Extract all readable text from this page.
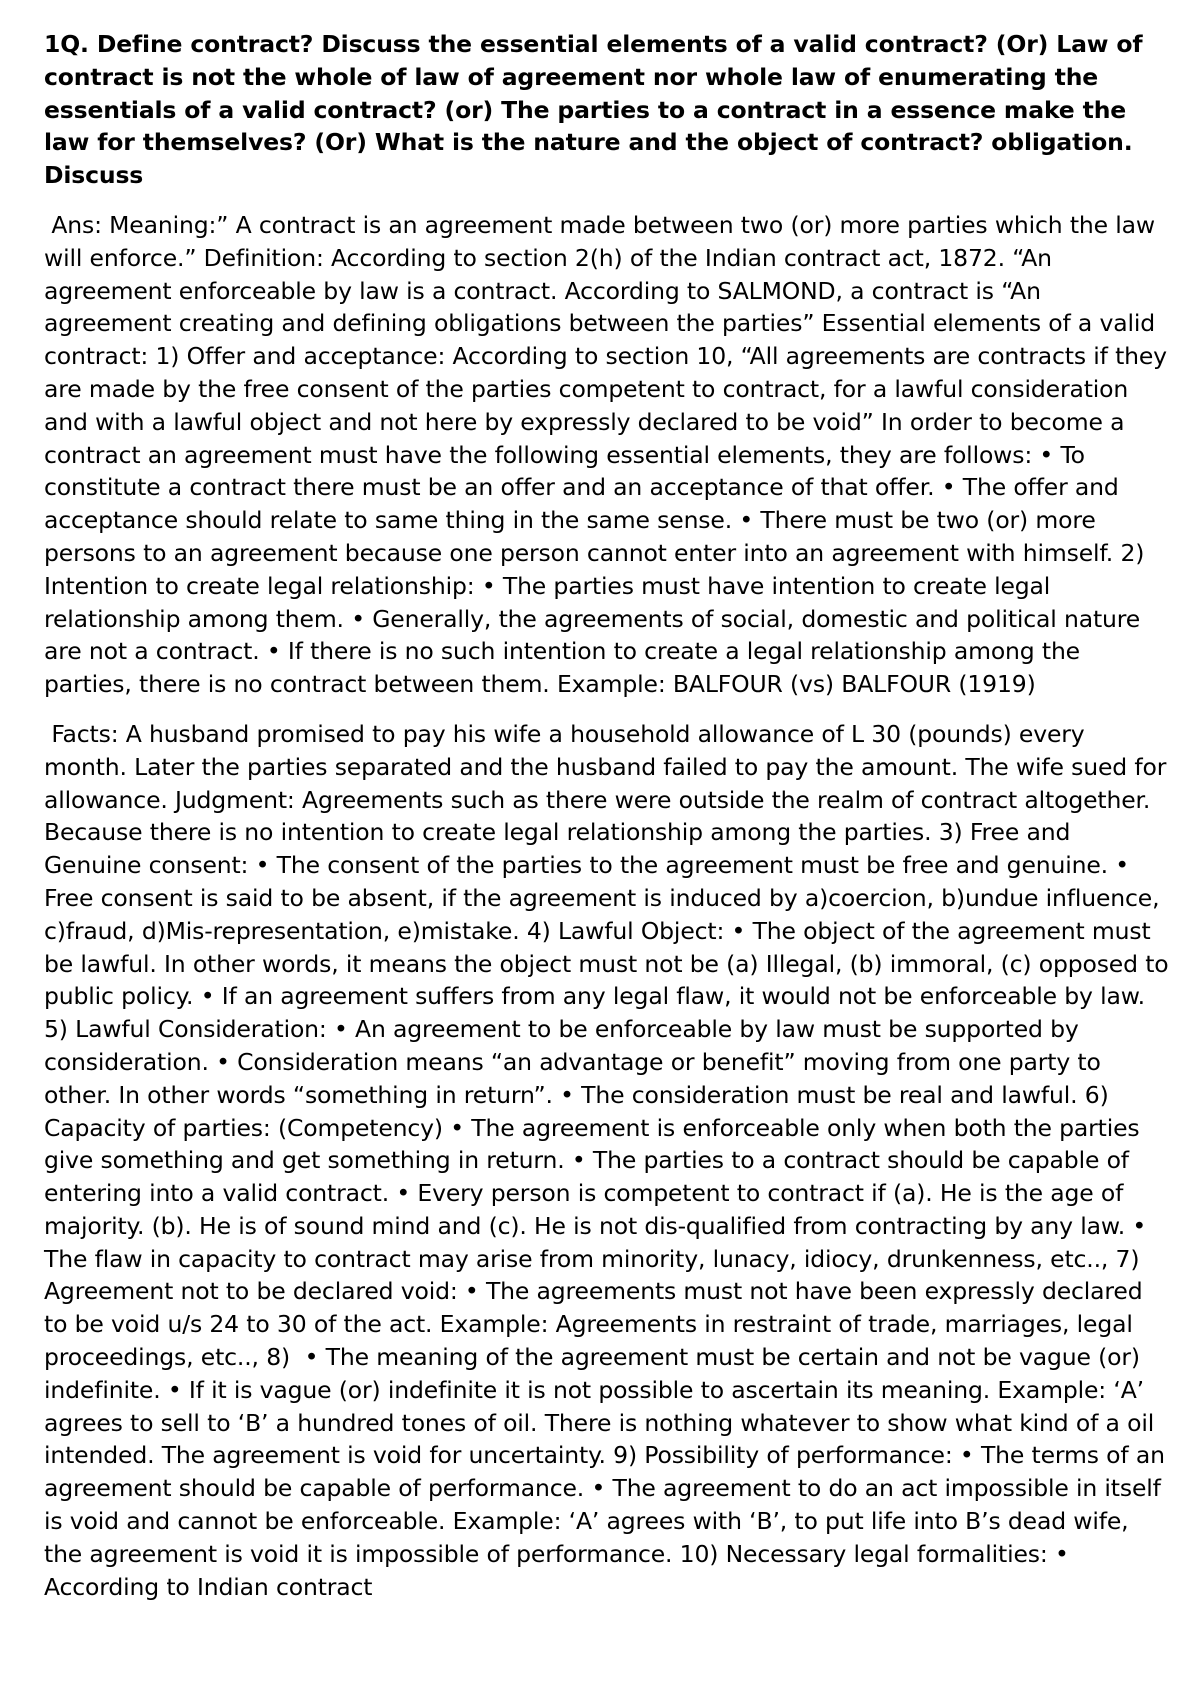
1Q. Define contract? Discuss the essential elements of a valid contract? (Or) Law of contract is not the whole of law of agreement nor whole law of enumerating the essentials of a valid contract? (or) The parties to a contract in a essence make the law for themselves? (Or) What is the nature and the object of contract? obligation. Discuss
Ans: Meaning:” A contract is an agreement made between two (or) more parties which the law will enforce.” Definition: According to section 2(h) of the Indian contract act, 1872. “An agreement enforceable by law is a contract. According to SALMOND, a contract is “An agreement creating and defining obligations between the parties” Essential elements of a valid contract: 1) Offer and acceptance: According to section 10, “All agreements are contracts if they are made by the free consent of the parties competent to contract, for a lawful consideration and with a lawful object and not here by expressly declared to be void” In order to become a contract an agreement must have the following essential elements, they are follows: • To constitute a contract there must be an offer and an acceptance of that offer. • The offer and acceptance should relate to same thing in the same sense. • There must be two (or) more persons to an agreement because one person cannot enter into an agreement with himself. 2) Intention to create legal relationship: • The parties must have intention to create legal relationship among them. • Generally, the agreements of social, domestic and political nature are not a contract. • If there is no such intention to create a legal relationship among the parties, there is no contract between them. Example: BALFOUR (vs) BALFOUR (1919)
Facts: A husband promised to pay his wife a household allowance of L 30 (pounds) every month. Later the parties separated and the husband failed to pay the amount. The wife sued for allowance. Judgment: Agreements such as there were outside the realm of contract altogether. Because there is no intention to create legal relationship among the parties. 3) Free and Genuine consent: • The consent of the parties to the agreement must be free and genuine. • Free consent is said to be absent, if the agreement is induced by a)coercion, b)undue influence, c)fraud, d)Mis-representation, e)mistake. 4) Lawful Object: • The object of the agreement must be lawful. In other words, it means the object must not be (a) Illegal, (b) immoral, (c) opposed to public policy. • If an agreement suffers from any legal flaw, it would not be enforceable by law. 5) Lawful Consideration: • An agreement to be enforceable by law must be supported by consideration. • Consideration means “an advantage or benefit” moving from one party to other. In other words “something in return”. • The consideration must be real and lawful. 6) Capacity of parties: (Competency) • The agreement is enforceable only when both the parties give something and get something in return. • The parties to a contract should be capable of entering into a valid contract. • Every person is competent to contract if (a). He is the age of majority. (b). He is of sound mind and (c). He is not dis-qualified from contracting by any law. • The flaw in capacity to contract may arise from minority, lunacy, idiocy, drunkenness, etc.., 7) Agreement not to be declared void: • The agreements must not have been expressly declared to be void u/s 24 to 30 of the act. Example: Agreements in restraint of trade, marriages, legal proceedings, etc.., 8)  • The meaning of the agreement must be certain and not be vague (or) indefinite. • If it is vague (or) indefinite it is not possible to ascertain its meaning. Example: ‘A’ agrees to sell to ‘B’ a hundred tones of oil. There is nothing whatever to show what kind of a oil intended. The agreement is void for uncertainty. 9) Possibility of performance: • The terms of an agreement should be capable of performance. • The agreement to do an act impossible in itself is void and cannot be enforceable. Example: ‘A’ agrees with ‘B’, to put life into B’s dead wife, the agreement is void it is impossible of performance. 10) Necessary legal formalities: • According to Indian contract
